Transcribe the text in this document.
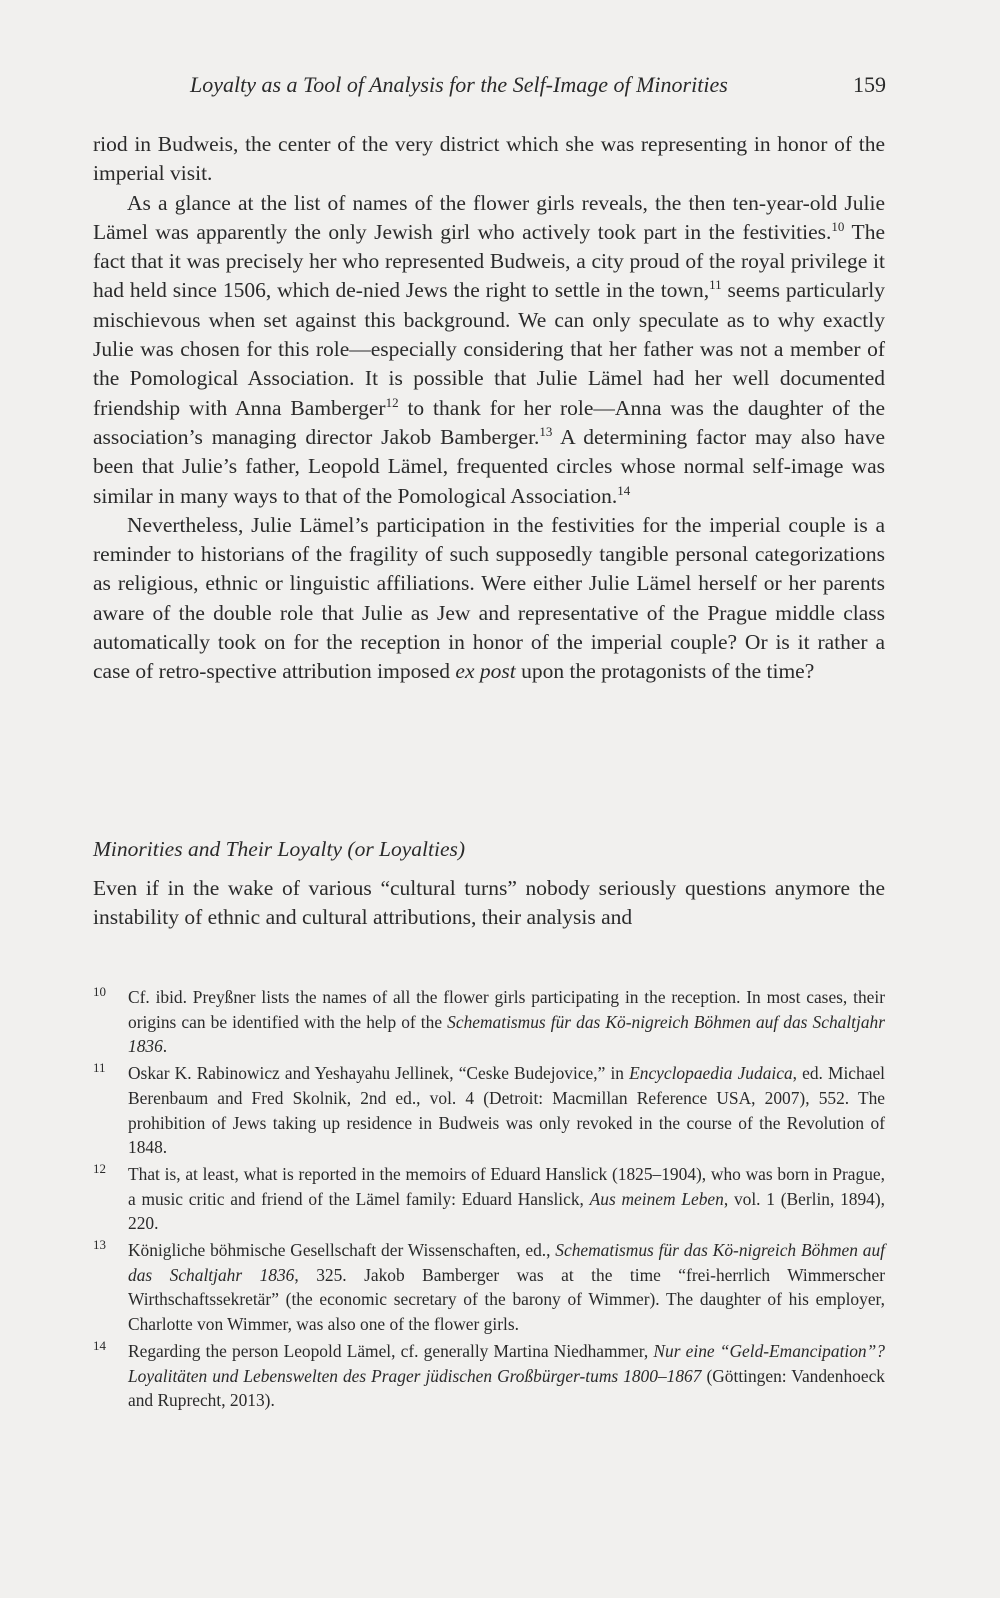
Loyalty as a Tool of Analysis for the Self-Image of Minorities	159

riod in Budweis, the center of the very district which she was representing in honor of the imperial visit.

As a glance at the list of names of the flower girls reveals, the then ten-year-old Julie Lämel was apparently the only Jewish girl who actively took part in the festivities.$^{10}$ The fact that it was precisely her who represented Budweis, a city proud of the royal privilege it had held since 1506, which de-nied Jews the right to settle in the town,$^{11}$ seems particularly mischievous when set against this background. We can only speculate as to why exactly Julie was chosen for this role—especially considering that her father was not a member of the Pomological Association. It is possible that Julie Lämel had her well documented friendship with Anna Bamberger$^{12}$ to thank for her role—Anna was the daughter of the association’s managing director Jakob Bamberger.$^{13}$ A determining factor may also have been that Julie’s father, Leopold Lämel, frequented circles whose normal self-image was similar in many ways to that of the Pomological Association.$^{14}$

Nevertheless, Julie Lämel’s participation in the festivities for the imperial couple is a reminder to historians of the fragility of such supposedly tangible personal categorizations as religious, ethnic or linguistic affiliations. Were either Julie Lämel herself or her parents aware of the double role that Julie as Jew and representative of the Prague middle class automatically took on for the reception in honor of the imperial couple? Or is it rather a case of retro-spective attribution imposed ex post upon the protagonists of the time?

Minorities and Their Loyalty (or Loyalties)

Even if in the wake of various “cultural turns” nobody seriously questions anymore the instability of ethnic and cultural attributions, their analysis and

10 Cf. ibid. Preyßner lists the names of all the flower girls participating in the reception. In most cases, their origins can be identified with the help of the Schematismus für das Kö-nigreich Böhmen auf das Schaltjahr 1836.
11 Oskar K. Rabinowicz and Yeshayahu Jellinek, “Ceske Budejovice,” in Encyclopaedia Judaica, ed. Michael Berenbaum and Fred Skolnik, 2nd ed., vol. 4 (Detroit: Macmillan Reference USA, 2007), 552. The prohibition of Jews taking up residence in Budweis was only revoked in the course of the Revolution of 1848.
12 That is, at least, what is reported in the memoirs of Eduard Hanslick (1825–1904), who was born in Prague, a music critic and friend of the Lämel family: Eduard Hanslick, Aus meinem Leben, vol. 1 (Berlin, 1894), 220.
13 Königliche böhmische Gesellschaft der Wissenschaften, ed., Schematismus für das Kö-nigreich Böhmen auf das Schaltjahr 1836, 325. Jakob Bamberger was at the time “frei-herrlich Wimmerscher Wirthschaftssekretär” (the economic secretary of the barony of Wimmer). The daughter of his employer, Charlotte von Wimmer, was also one of the flower girls.
14 Regarding the person Leopold Lämel, cf. generally Martina Niedhammer, Nur eine “Geld-Emancipation”? Loyalitäten und Lebenswelten des Prager jüdischen Großbürger-tums 1800–1867 (Göttingen: Vandenhoeck and Ruprecht, 2013).
